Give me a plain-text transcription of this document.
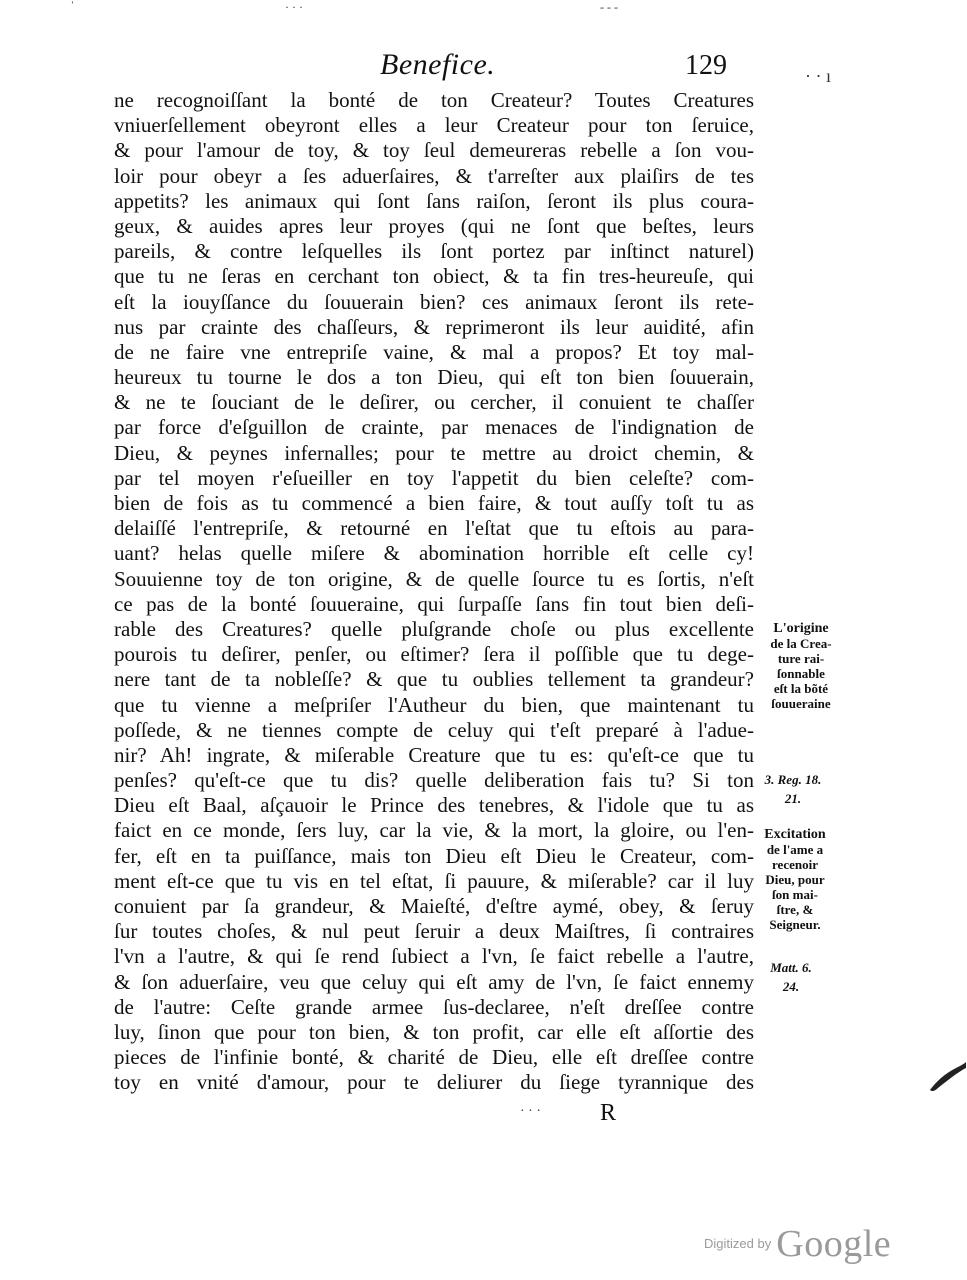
ˈ	· · ·	‐ ‐ ‐
· · ı
Benefice.	129
ne recognoiſſant la bonté de ton Createur? Toutes Creatures
vniuerſellement obeyront elles a leur Createur pour ton ſeruice,
& pour l'amour de toy, & toy ſeul demeureras rebelle a ſon vou-
loir pour obeyr a ſes aduerſaires, & t'arreſter aux plaiſirs de tes
appetits? les animaux qui ſont ſans raiſon, ſeront ils plus coura-
geux, & auides apres leur proyes (qui ne ſont que beſtes, leurs
pareils, & contre leſquelles ils ſont portez par inſtinct naturel)
que tu ne ſeras en cerchant ton obiect, & ta fin tres-heureuſe, qui
eſt la iouyſſance du ſouuerain bien? ces animaux ſeront ils rete-
nus par crainte des chaſſeurs, & reprimeront ils leur auidité, afin
de ne faire vne entrepriſe vaine, & mal a propos? Et toy mal-
heureux tu tourne le dos a ton Dieu, qui eſt ton bien ſouuerain,
& ne te ſouciant de le deſirer, ou cercher, il conuient te chaſſer
par force d'eſguillon de crainte, par menaces de l'indignation de
Dieu, & peynes infernalles; pour te mettre au droict chemin, &
par tel moyen r'eſueiller en toy l'appetit du bien celeſte? com-
bien de fois as tu commencé a bien faire, & tout auſſy toſt tu as
delaiſſé l'entrepriſe, & retourné en l'eſtat que tu eſtois au para-
uant? helas quelle miſere & abomination horrible eſt celle cy!
Souuienne toy de ton origine, & de quelle ſource tu es ſortis, n'eſt
ce pas de la bonté ſouueraine, qui ſurpaſſe ſans fin tout bien deſi-
rable des Creatures? quelle pluſgrande choſe ou plus excellente
pourois tu deſirer, penſer, ou eſtimer? ſera il poſſible que tu dege-
nere tant de ta nobleſſe? & que tu oublies tellement ta grandeur?
que tu vienne a meſpriſer l'Autheur du bien, que maintenant tu
poſſede, & ne tiennes compte de celuy qui t'eſt preparé à l'adue-
nir? Ah! ingrate, & miſerable Creature que tu es: qu'eſt-ce que tu
penſes? qu'eſt-ce que tu dis? quelle deliberation fais tu? Si ton
Dieu eſt Baal, aſçauoir le Prince des tenebres, & l'idole que tu as
faict en ce monde, ſers luy, car la vie, & la mort, la gloire, ou l'en-
fer, eſt en ta puiſſance, mais ton Dieu eſt Dieu le Createur, com-
ment eſt-ce que tu vis en tel eſtat, ſi pauure, & miſerable? car il luy
conuient par ſa grandeur, & Maieſté, d'eſtre aymé, obey, & ſeruy
ſur toutes choſes, & nul peut ſeruir a deux Maiſtres, ſi contraires
l'vn a l'autre, & qui ſe rend ſubiect a l'vn, ſe faict rebelle a l'autre,
& ſon aduerſaire, veu que celuy qui eſt amy de l'vn, ſe faict ennemy
de l'autre: Ceſte grande armee ſus-declaree, n'eſt dreſſee contre
luy, ſinon que pour ton bien, & ton profit, car elle eſt aſſortie des
pieces de l'infinie bonté, & charité de Dieu, elle eſt dreſſee contre
toy en vnité d'amour, pour te deliurer du ſiege tyrannique des
L'origine
de la Crea-
ture rai-
ſonnable
eſt la bõté
ſouueraine
3. Reg. 18.
21.
Excitation
de l'ame a
recenoir
Dieu, pour
ſon mai-
ſtre, &
Seigneur.
Matt. 6.
24.
R
· · ·
$^{Digitized by}$ Google
